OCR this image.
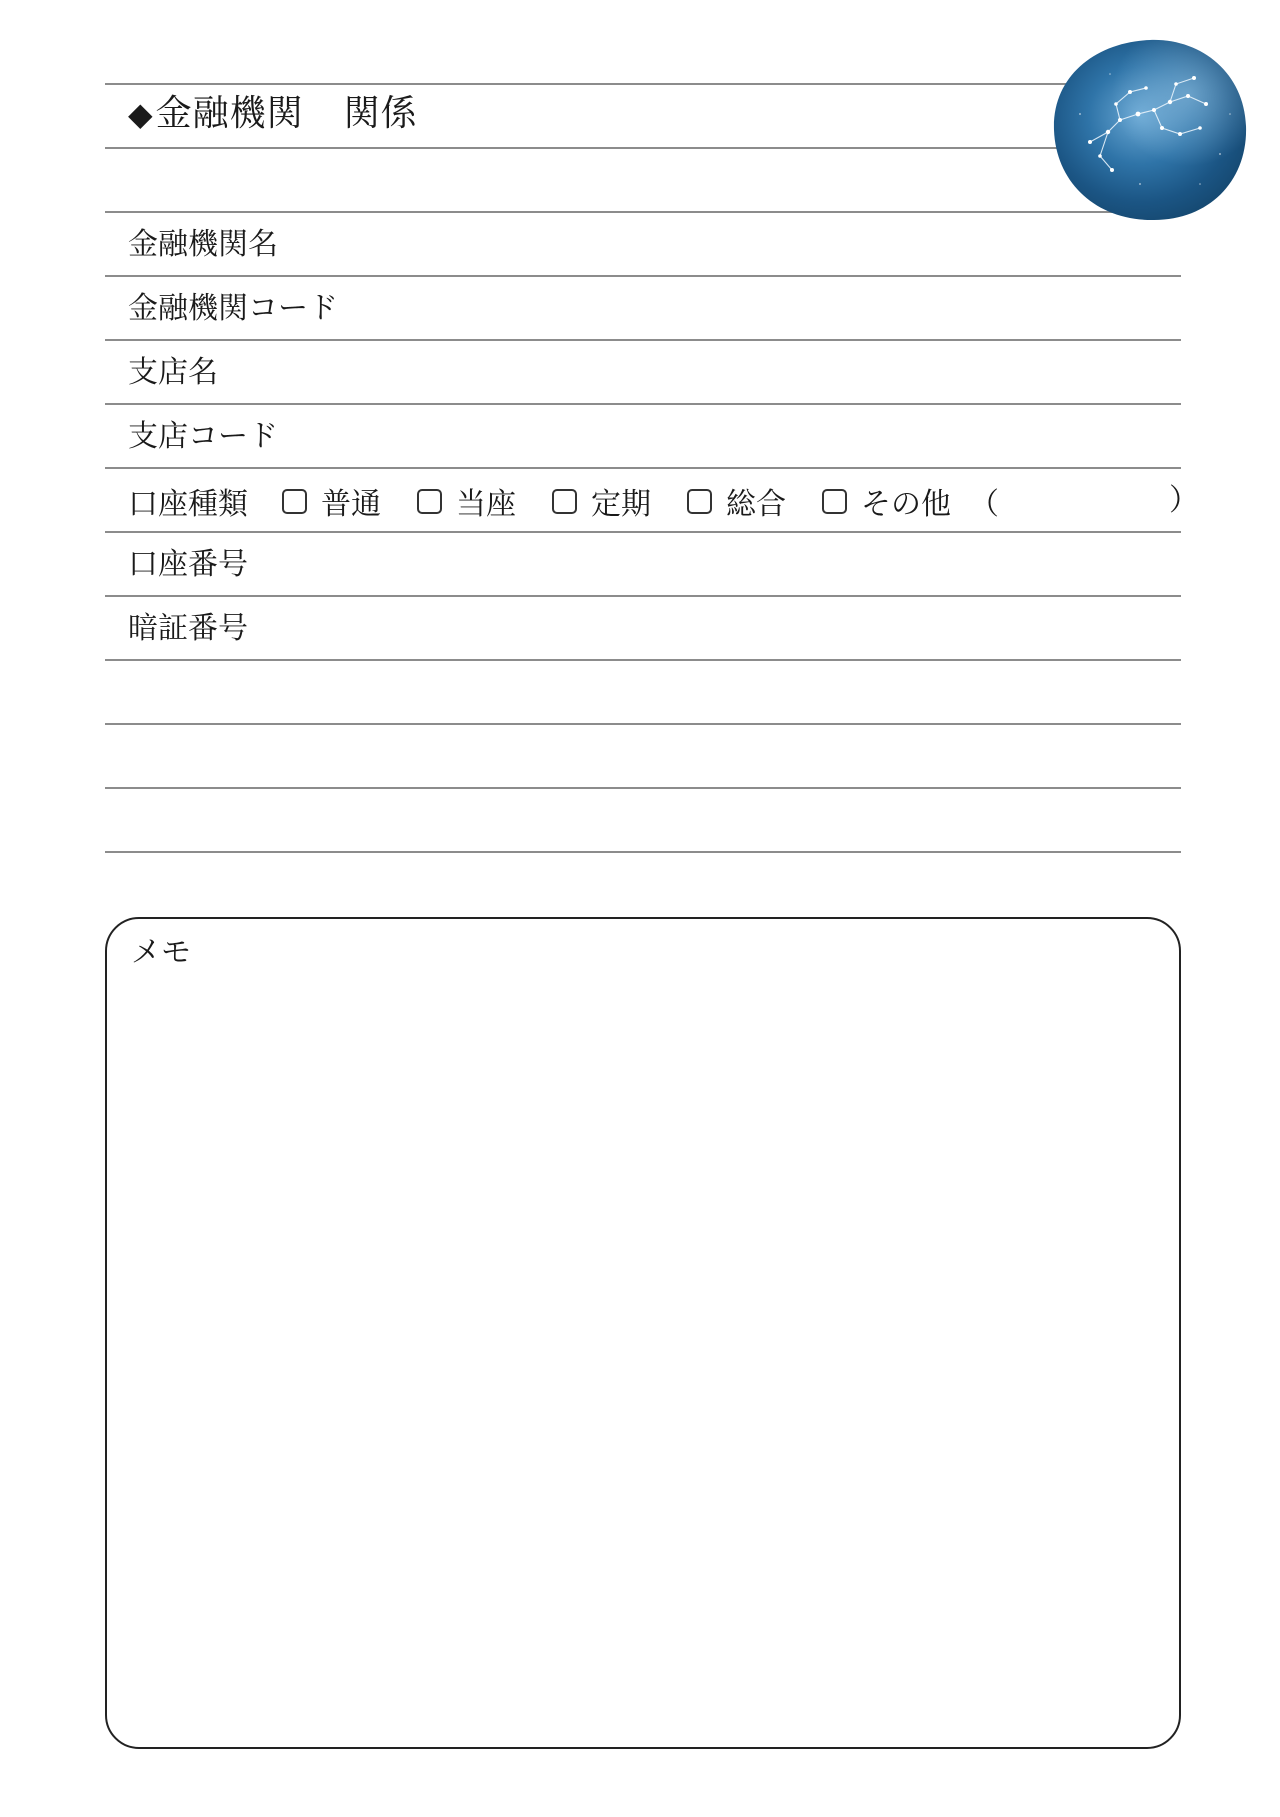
◆金融機関 関係
金融機関名
金融機関コード
支店名
支店コード
口座種類 普通	当座	定期	総合	その他 （	）
口座番号
暗証番号
メモ
